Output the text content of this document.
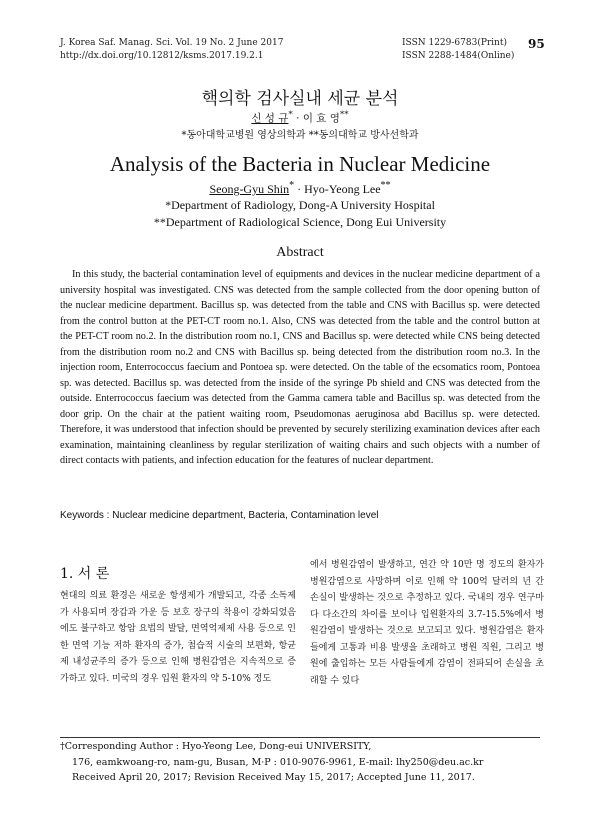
J. Korea Saf. Manag. Sci. Vol. 19 No. 2 June 2017
http://dx.doi.org/10.12812/ksms.2017.19.2.1
ISSN 1229-6783(Print)
ISSN 2288-1484(Online)
95
핵의학 검사실내 세균 분석
신 성 규* · 이 효 영**
*동아대학교병원 영상의학과 **동의대학교 방사선학과
Analysis of the Bacteria in Nuclear Medicine
Seong-Gyu Shin* · Hyo-Yeong Lee**
*Department of Radiology, Dong-A University Hospital
**Department of Radiological Science, Dong Eui University
Abstract

In this study, the bacterial contamination level of equipments and devices in the nuclear medicine department of a university hospital was investigated. CNS was detected from the sample collected from the door opening button of the nuclear medicine department. Bacillus sp. was detected from the table and CNS with Bacillus sp. were detected from the control button at the PET-CT room no.1. Also, CNS was detected from the table and the control button at the PET-CT room no.2. In the distribution room no.1, CNS and Bacillus sp. were detected while CNS being detected from the distribution room no.2 and CNS with Bacillus sp. being detected from the distribution room no.3. In the injection room, Enterrococcus faecium and Pontoea sp. were detected. On the table of the ecsomatics room, Pontoea sp. was detected. Bacillus sp. was detected from the inside of the syringe Pb shield and CNS was detected from the outside. Enterrococcus faecium was detected from the Gamma camera table and Bacillus sp. was detected from the door grip. On the chair at the patient waiting room, Pseudomonas aeruginosa abd Bacillus sp. were detected. Therefore, it was understood that infection should be prevented by securely sterilizing examination devices after each examination, maintaining cleanliness by regular sterilization of waiting chairs and such objects with a number of direct contacts with patients, and infection education for the features of nuclear department.

Keywords : Nuclear medicine department, Bacteria, Contamination level
1. 서 론

현대의 의료 환경은 새로운 항생제가 개발되고, 각종 소독제가 사용되며 장갑과 가운 등 보호 장구의 착용이 강화되었음에도 불구하고 항암 요법의 발달, 면역억제제 사용 등으로 인한 면역 기능 저하 환자의 증가, 첨습적 시술의 보편화, 항균제 내성균주의 증가 등으로 인해 병원감염은 지속적으로 증가하고 있다. 미국의 경우 입원 환자의 약 5-10% 정도

에서 병원감염이 발생하고, 연간 약 10만 명 정도의 환자가 병원감염으로 사망하며 이로 인해 약 100억 달러의 년 간 손실이 발생하는 것으로 추정하고 있다. 국내의 경우 연구마다 다소간의 차이를 보이나 입원환자의 3.7-15.5%에서 병원감염이 발생하는 것으로 보고되고 있다. 병원감염은 환자들에게 고통과 비용 발생을 초래하고 병원 직원, 그리고 병원에 출입하는 모든 사람들에게 감염이 전파되어 손실을 초래할 수 있다

†Corresponding Author : Hyo-Yeong Lee, Dong-eui UNIVERSITY,
176, eamkwoang-ro, nam-gu, Busan, M·P : 010-9076-9961, E-mail: lhy250@deu.ac.kr
Received April 20, 2017; Revision Received May 15, 2017; Accepted June 11, 2017.
